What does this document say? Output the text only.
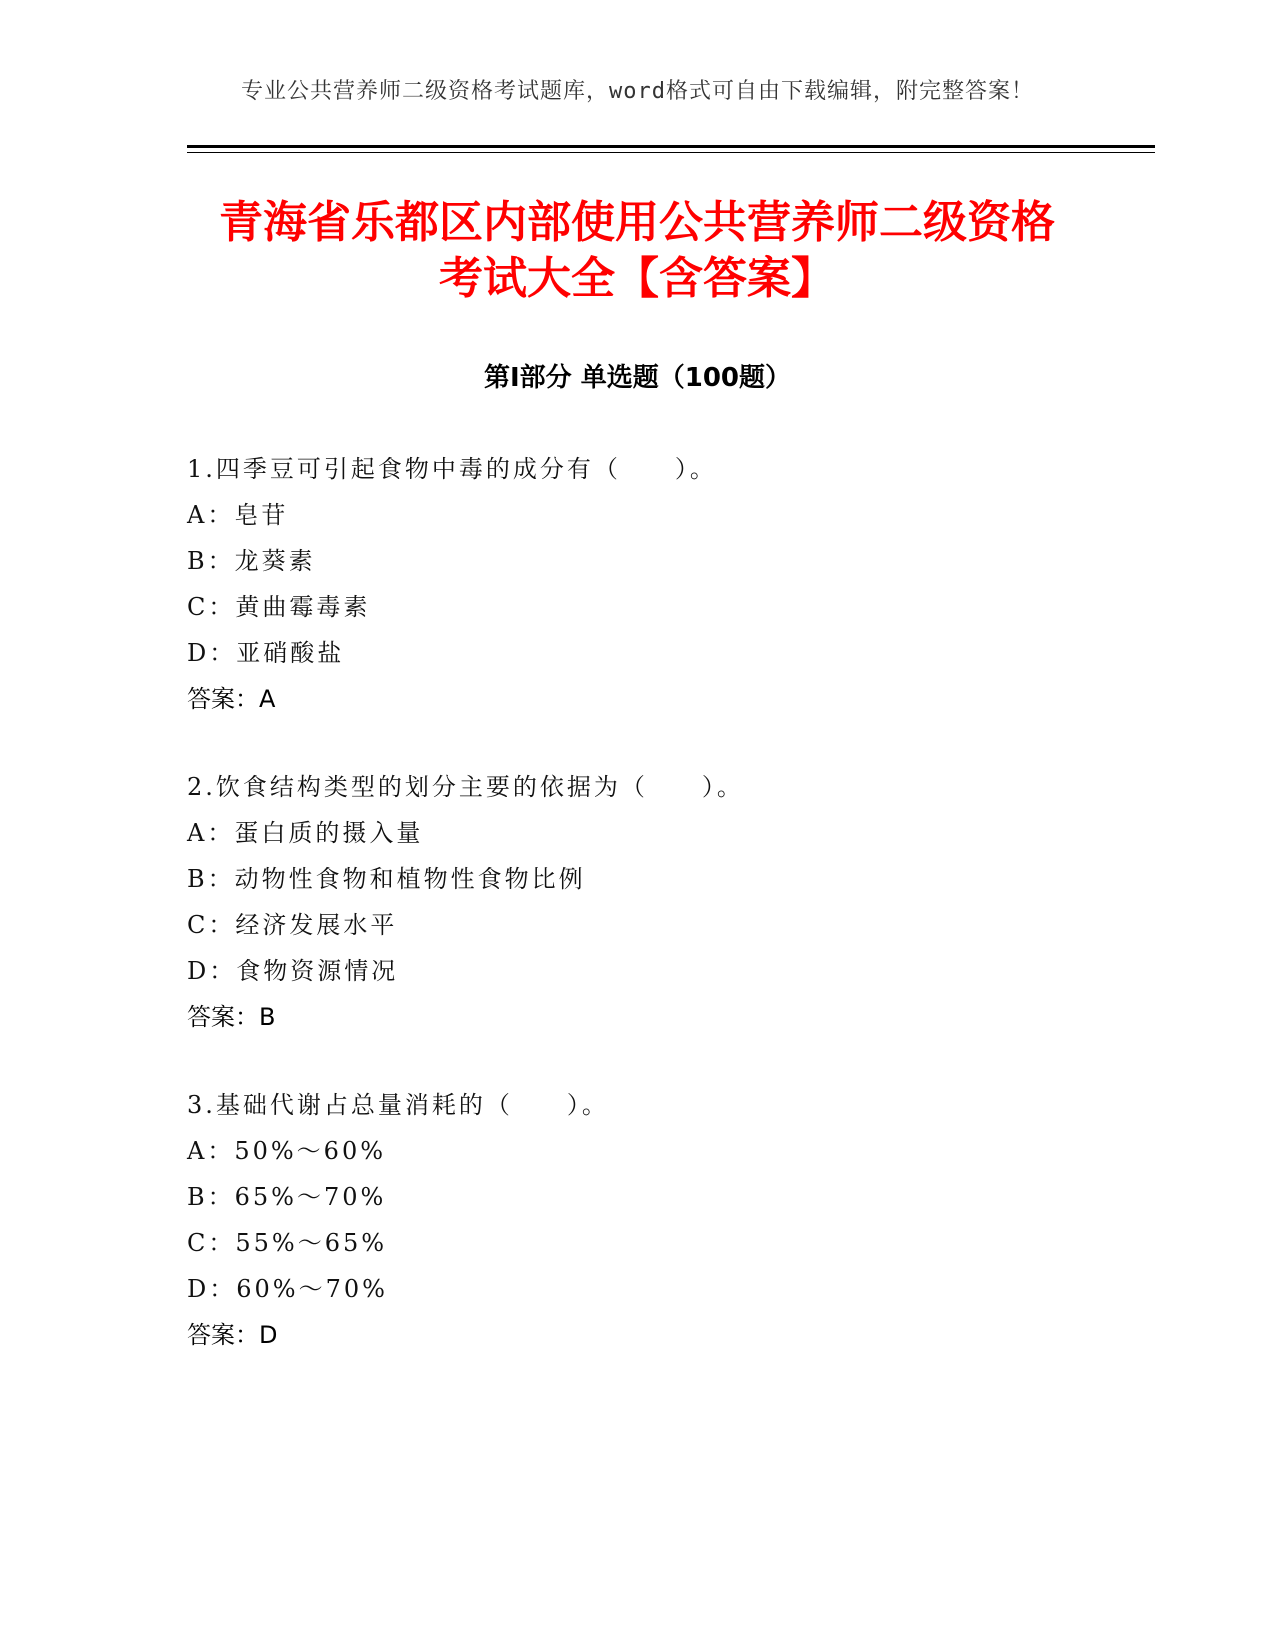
专业公共营养师二级资格考试题库，word格式可自由下载编辑，附完整答案！
青海省乐都区内部使用公共营养师二级资格
考试大全【含答案】
第Ⅰ部分 单选题（100题）
1.四季豆可引起食物中毒的成分有（　　）。
A：皂苷
B：龙葵素
C：黄曲霉毒素
D：亚硝酸盐
答案：A
2.饮食结构类型的划分主要的依据为（　　）。
A：蛋白质的摄入量
B：动物性食物和植物性食物比例
C：经济发展水平
D：食物资源情况
答案：B
3.基础代谢占总量消耗的（　　）。
A：50%～60%
B：65%～70%
C：55%～65%
D：60%～70%
答案：D
